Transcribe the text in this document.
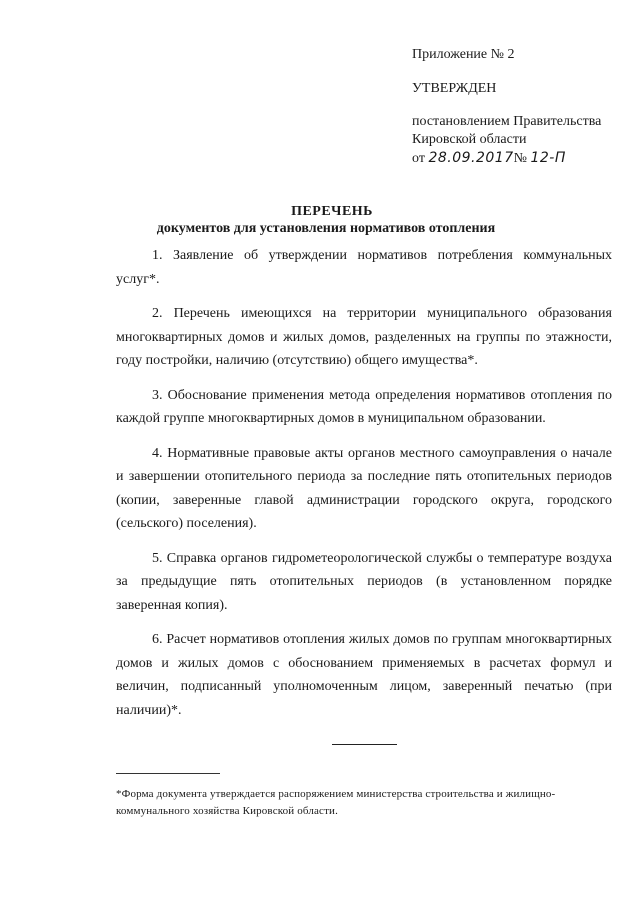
Приложение № 2
УТВЕРЖДЕН
постановлением Правительства
Кировской области
от 28.09.2017№ 12-П
ПЕРЕЧЕНЬ
документов для установления нормативов отопления

1. Заявление об утверждении нормативов потребления коммунальных услуг*.

2. Перечень имеющихся на территории муниципального образования многоквартирных домов и жилых домов, разделенных на группы по этажности, году постройки, наличию (отсутствию) общего имущества*.

3. Обоснование применения метода определения нормативов отопления по каждой группе многоквартирных домов в муниципальном образовании.

4. Нормативные правовые акты органов местного самоуправления о начале и завершении отопительного периода за последние пять отопительных периодов (копии, заверенные главой администрации городского округа, городского (сельского) поселения).

5. Справка органов гидрометеорологической службы о температуре воздуха за предыдущие пять отопительных периодов (в установленном порядке заверенная копия).

6. Расчет нормативов отопления жилых домов по группам многоквартирных домов и жилых домов с обоснованием применяемых в расчетах формул и величин, подписанный уполномоченным лицом, заверенный печатью (при наличии)*.

*Форма документа утверждается распоряжением министерства строительства и жилищно-коммунального хозяйства Кировской области.
